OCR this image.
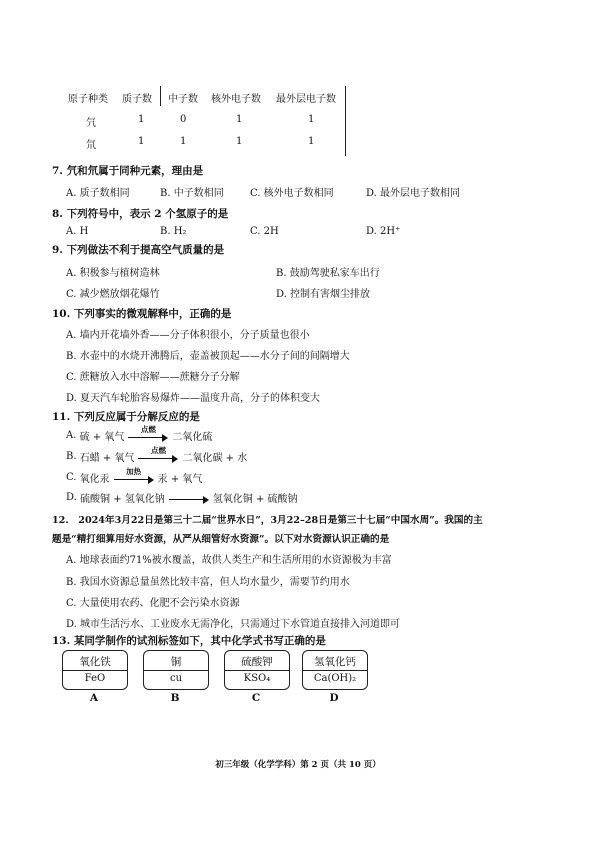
原子种类 质子数 中子数 核外电子数 最外层电子数
氕	1	0	1	1
氘	1	1	1	1
7. 氕和氘属于同种元素，理由是
A. 质子数相同	B. 中子数相同	C. 核外电子数相同	D. 最外层电子数相同
8. 下列符号中，表示 2 个氢原子的是
A. H	B. H₂	C. 2H	D. 2H⁺
9. 下列做法不利于提高空气质量的是
A. 积极参与植树造林	B. 鼓励驾驶私家车出行
C. 减少燃放烟花爆竹	D. 控制有害烟尘排放
10. 下列事实的微观解释中，正确的是
A. 墙内开花墙外香——分子体积很小，分子质量也很小
B. 水壶中的水烧开沸腾后，壶盖被顶起——水分子间的间隔增大
C. 蔗糖放入水中溶解——蔗糖分子分解
D. 夏天汽车轮胎容易爆炸——温度升高，分子的体积变大
11. 下列反应属于分解反应的是
A.
硫 + 氧气
点燃
二氧化硫
B.
石蜡 + 氧气
点燃
二氧化碳 + 水
C.
氧化汞
加热
汞 + 氧气
D.
硫酸铜 + 氢氧化钠	氢氧化铜 + 硫酸钠
12.　2024年3月22日是第三十二届“世界水日”，3月22–28日是第三十七届“中国水周”。我国的主
题是“精打细算用好水资源，从严从细管好水资源”。以下对水资源认识正确的是
A. 地球表面约71%被水覆盖，故供人类生产和生活所用的水资源极为丰富
B. 我国水资源总量虽然比较丰富，但人均水量少，需要节约用水
C. 大量使用农药、化肥不会污染水资源
D. 城市生活污水、工业废水无需净化，只需通过下水管道直接排入河道即可
13. 某同学制作的试剂标签如下，其中化学式书写正确的是
氧化铁
FeO
铜
cu
硫酸钾
KSO₄
氢氧化钙
Ca(OH)₂
A	B	C	D
初三年级（化学学科）第 2 页（共 10 页）
